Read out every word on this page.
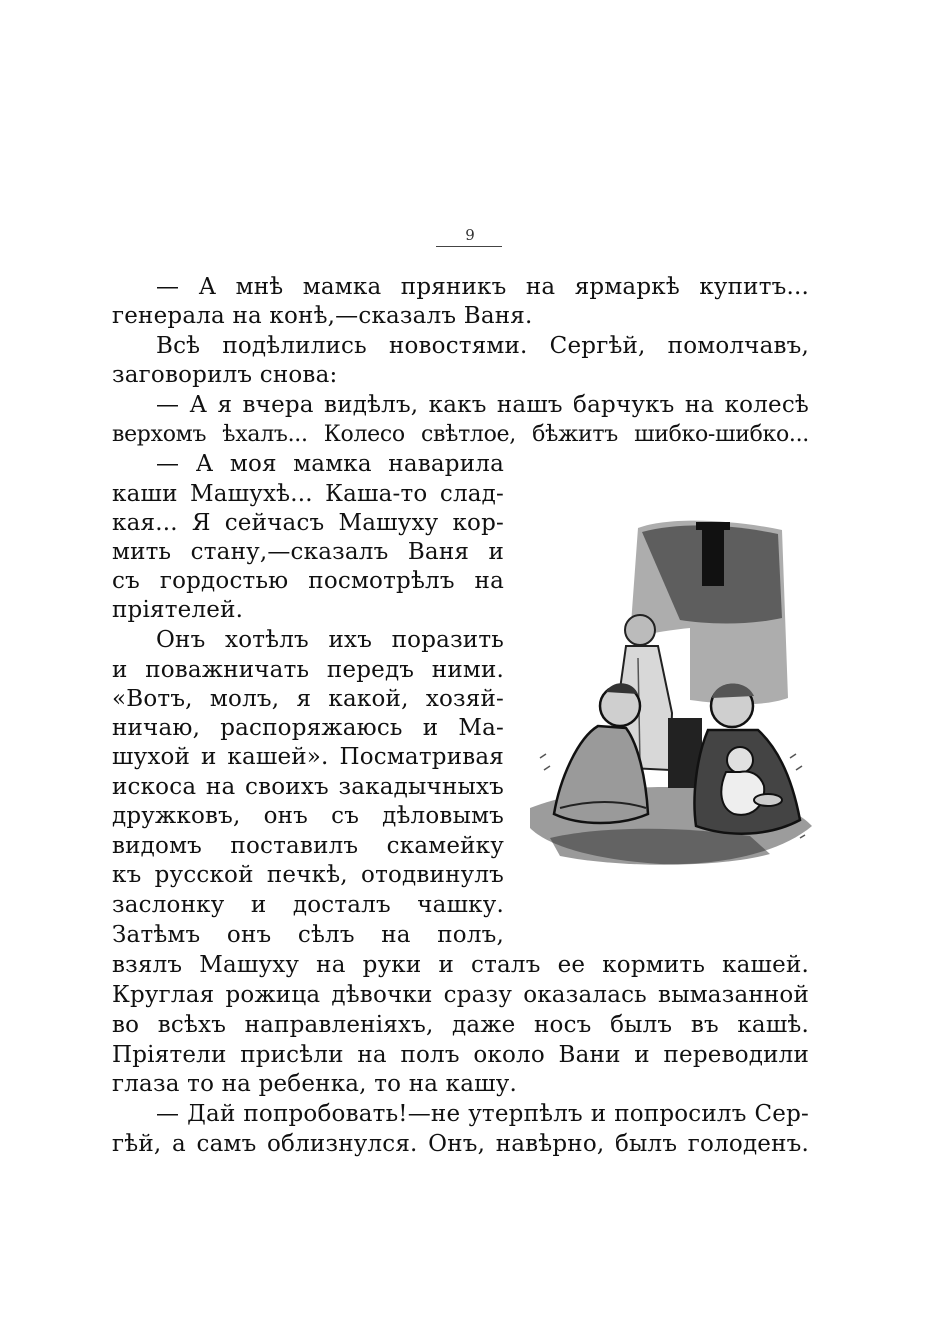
9
— А мнѣ мамка пряникъ на ярмаркѣ купитъ...
генерала на конѣ,—сказалъ Ваня.
Всѣ подѣлились новостями. Сергѣй, помолчавъ,
заговорилъ снова:
— А я вчера видѣлъ, какъ нашъ барчукъ на колесѣ
верхомъ ѣхалъ... Колесо свѣтлое, бѣжитъ шибко-шибко...
— А моя мамка наварила
каши Машухѣ... Каша-то слад-
кая... Я сейчасъ Машуху кор-
мить стану,—сказалъ Ваня и
съ гордостью посмотрѣлъ на
пріятелей.
Онъ хотѣлъ ихъ поразить
и поважничать передъ ними.
«Вотъ, молъ, я какой, хозяй-
ничаю, распоряжаюсь и Ма-
шухой и кашей». Посматривая
искоса на своихъ закадычныхъ
дружковъ, онъ съ дѣловымъ
видомъ поставилъ скамейку
къ русской печкѣ, отодвинулъ
заслонку и досталъ чашку.
Затѣмъ онъ сѣлъ на полъ,
взялъ Машуху на руки и сталъ ее кормить кашей.
Круглая рожица дѣвочки сразу оказалась вымазанной
во всѣхъ направленіяхъ, даже носъ былъ въ кашѣ.
Пріятели присѣли на полъ около Вани и переводили
глаза то на ребенка, то на кашу.
— Дай попробовать!—не утерпѣлъ и попросилъ Сер-
гѣй, а самъ облизнулся. Онъ, навѣрно, былъ голоденъ.
